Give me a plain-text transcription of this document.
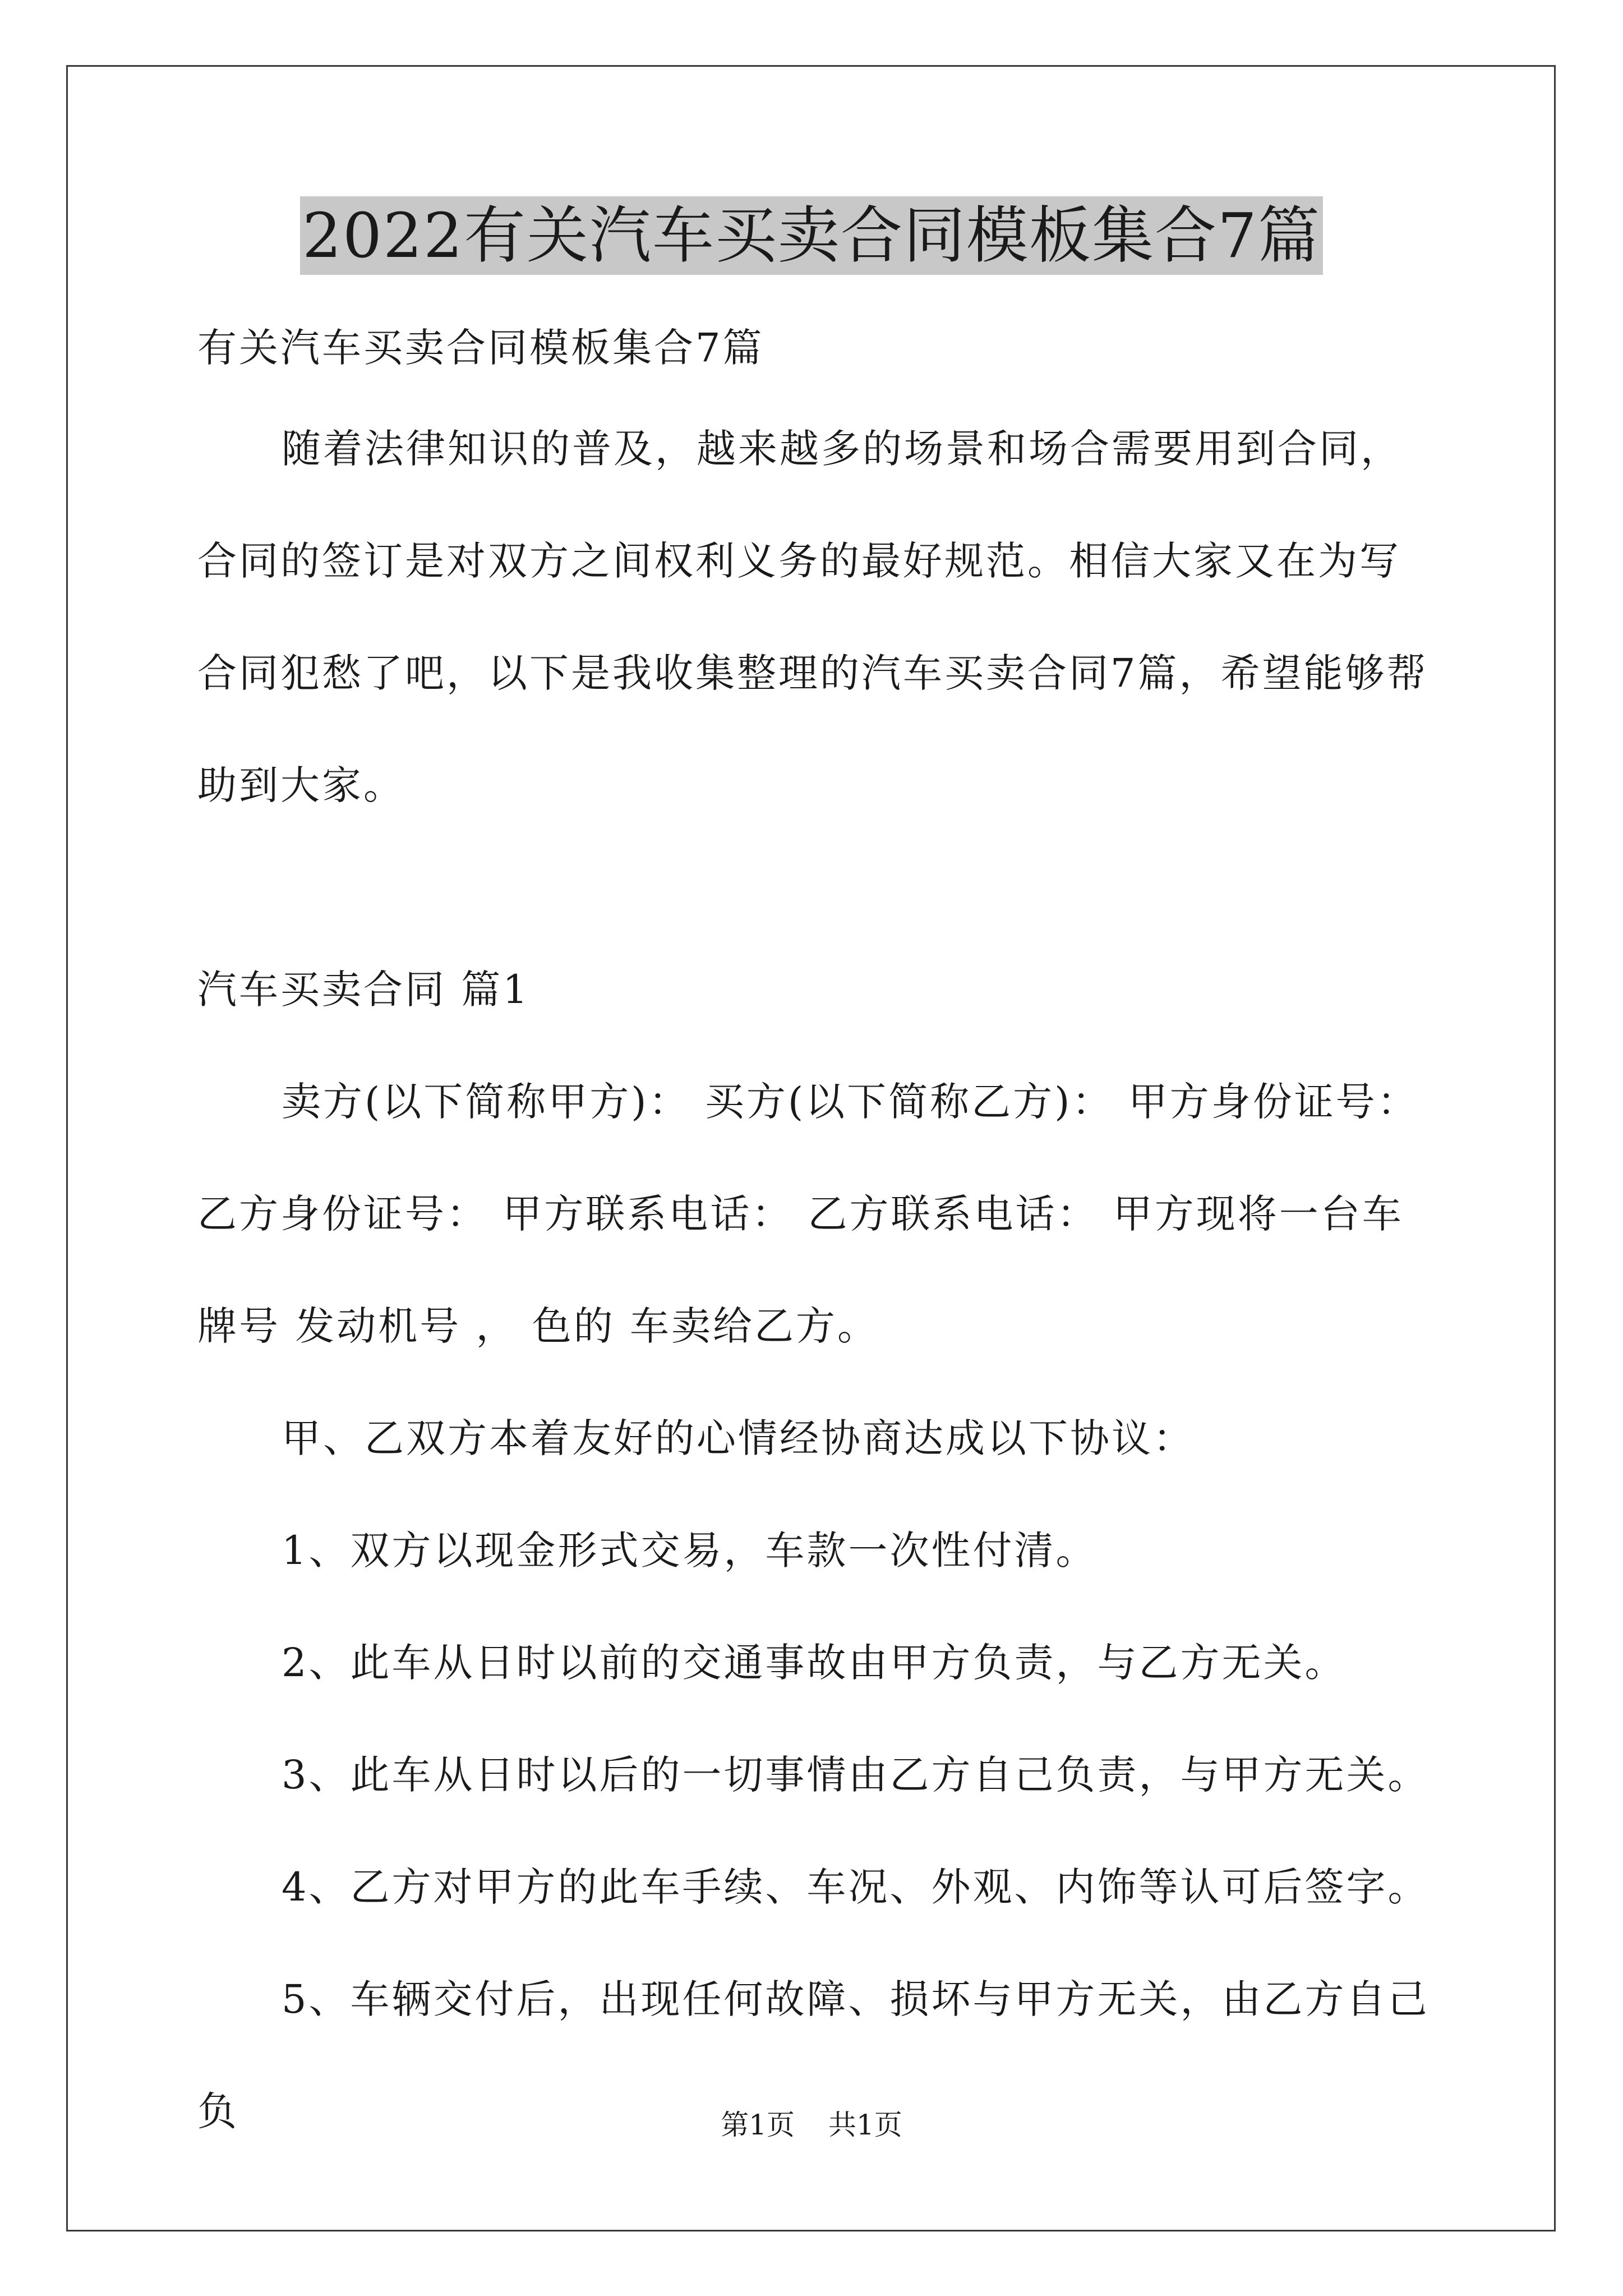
2022有关汽车买卖合同模板集合7篇

有关汽车买卖合同模板集合7篇

随着法律知识的普及，越来越多的场景和场合需要用到合同，合同的签订是对双方之间权利义务的最好规范。相信大家又在为写合同犯愁了吧，以下是我收集整理的汽车买卖合同7篇，希望能够帮助到大家。

汽车买卖合同 篇1

卖方(以下简称甲方)： 买方(以下简称乙方)： 甲方身份证号：乙方身份证号： 甲方联系电话： 乙方联系电话： 甲方现将一台车牌号 发动机号 ， 色的 车卖给乙方。

甲、乙双方本着友好的心情经协商达成以下协议：

1、双方以现金形式交易，车款一次性付清。

2、此车从日时以前的交通事故由甲方负责，与乙方无关。

3、此车从日时以后的一切事情由乙方自己负责，与甲方无关。

4、乙方对甲方的此车手续、车况、外观、内饰等认可后签字。

5、车辆交付后，出现任何故障、损坏与甲方无关，由乙方自己负	第1页 共1页
